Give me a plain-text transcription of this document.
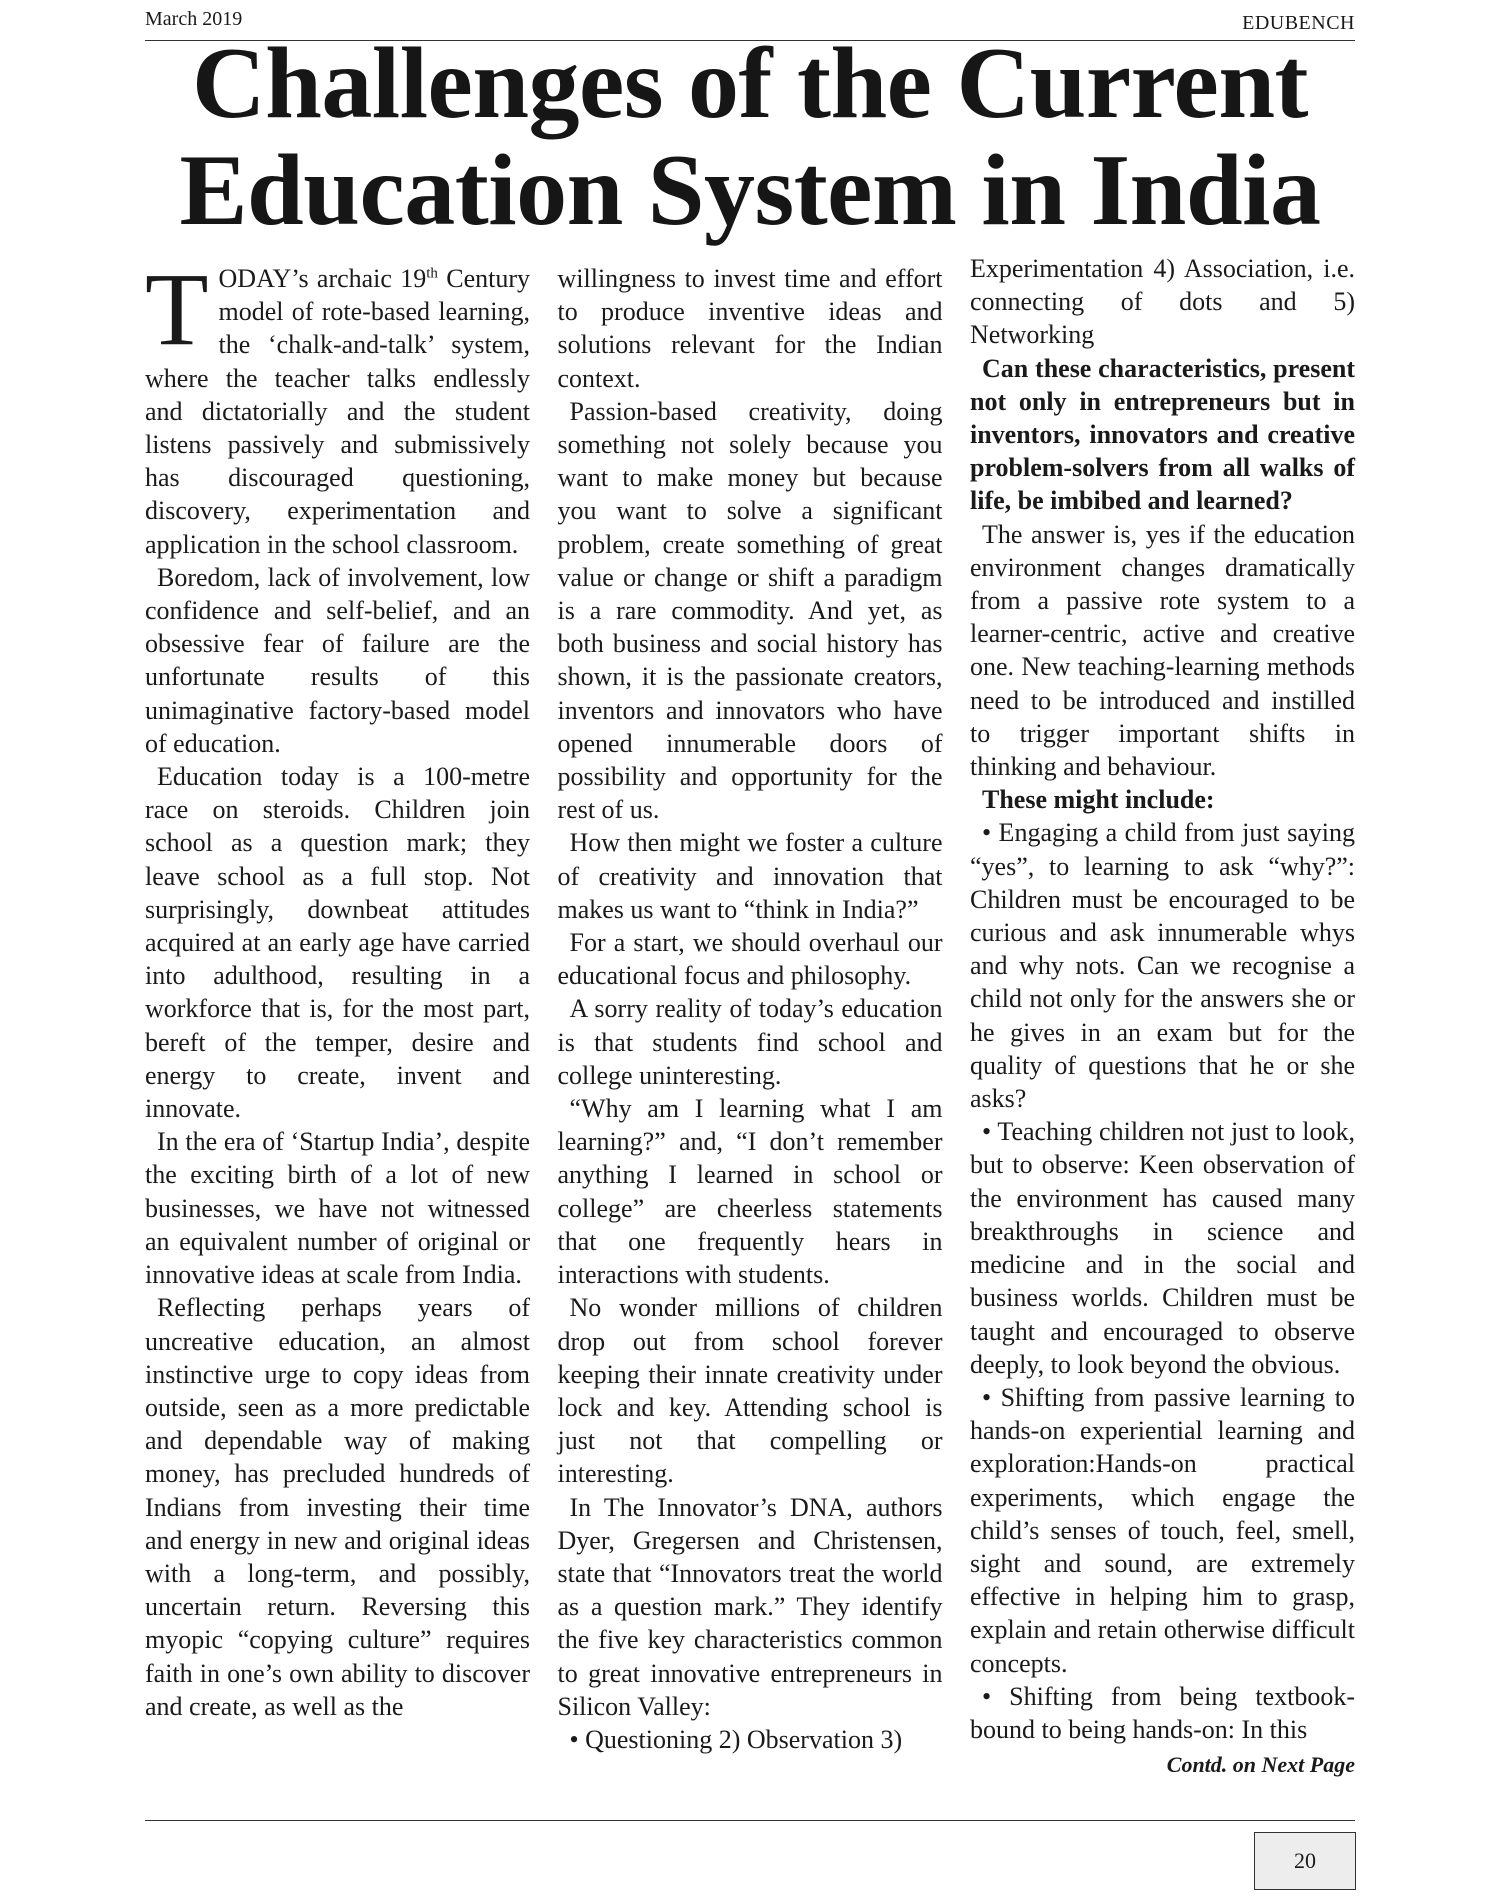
March 2019	EDUBENCH
Challenges of the Current Education System in India

TODAY’s archaic 19th Century model of rote-based learning, the ‘chalk-and-talk’ system, where the teacher talks endlessly and dictatorially and the student listens passively and submissively has discouraged questioning, discovery, experimentation and application in the school classroom.

Boredom, lack of involvement, low confidence and self-belief, and an obsessive fear of failure are the unfortunate results of this unimaginative factory-based model of education.

Education today is a 100-metre race on steroids. Children join school as a question mark; they leave school as a full stop. Not surprisingly, downbeat attitudes acquired at an early age have carried into adulthood, resulting in a workforce that is, for the most part, bereft of the temper, desire and energy to create, invent and innovate.

In the era of ‘Startup India’, despite the exciting birth of a lot of new businesses, we have not witnessed an equivalent number of original or innovative ideas at scale from India.

Reflecting perhaps years of uncreative education, an almost instinctive urge to copy ideas from outside, seen as a more predictable and dependable way of making money, has precluded hundreds of Indians from investing their time and energy in new and original ideas with a long-term, and possibly, uncertain return. Reversing this myopic “copying culture” requires faith in one’s own ability to discover and create, as well as the

willingness to invest time and effort to produce inventive ideas and solutions relevant for the Indian context.

Passion-based creativity, doing something not solely because you want to make money but because you want to solve a significant problem, create something of great value or change or shift a paradigm is a rare commodity. And yet, as both business and social history has shown, it is the passionate creators, inventors and innovators who have opened innumerable doors of possibility and opportunity for the rest of us.

How then might we foster a culture of creativity and innovation that makes us want to “think in India?”

For a start, we should overhaul our educational focus and philosophy.

A sorry reality of today’s education is that students find school and college uninteresting.

“Why am I learning what I am learning?” and, “I don’t remember anything I learned in school or college” are cheerless statements that one frequently hears in interactions with students.

No wonder millions of children drop out from school forever keeping their innate creativity under lock and key. Attending school is just not that compelling or interesting.

In The Innovator’s DNA, authors Dyer, Gregersen and Christensen, state that “Innovators treat the world as a question mark.” They identify the five key characteristics common to great innovative entrepreneurs in Silicon Valley:

• Questioning 2) Observation 3)

Experimentation 4) Association, i.e. connecting of dots and 5) Networking

Can these characteristics, present not only in entrepreneurs but in inventors, innovators and creative problem-solvers from all walks of life, be imbibed and learned?

The answer is, yes if the education environment changes dramatically from a passive rote system to a learner-centric, active and creative one. New teaching-learning methods need to be introduced and instilled to trigger important shifts in thinking and behaviour.

These might include:

• Engaging a child from just saying “yes”, to learning to ask “why?”: Children must be encouraged to be curious and ask innumerable whys and why nots. Can we recognise a child not only for the answers she or he gives in an exam but for the quality of questions that he or she asks?

• Teaching children not just to look, but to observe: Keen observation of the environment has caused many breakthroughs in science and medicine and in the social and business worlds. Children must be taught and encouraged to observe deeply, to look beyond the obvious.

• Shifting from passive learning to hands-on experiential learning and exploration:Hands-on practical experiments, which engage the child’s senses of touch, feel, smell, sight and sound, are extremely effective in helping him to grasp, explain and retain otherwise difficult concepts.

• Shifting from being textbook-bound to being hands-on: In this

Contd. on Next Page
20
